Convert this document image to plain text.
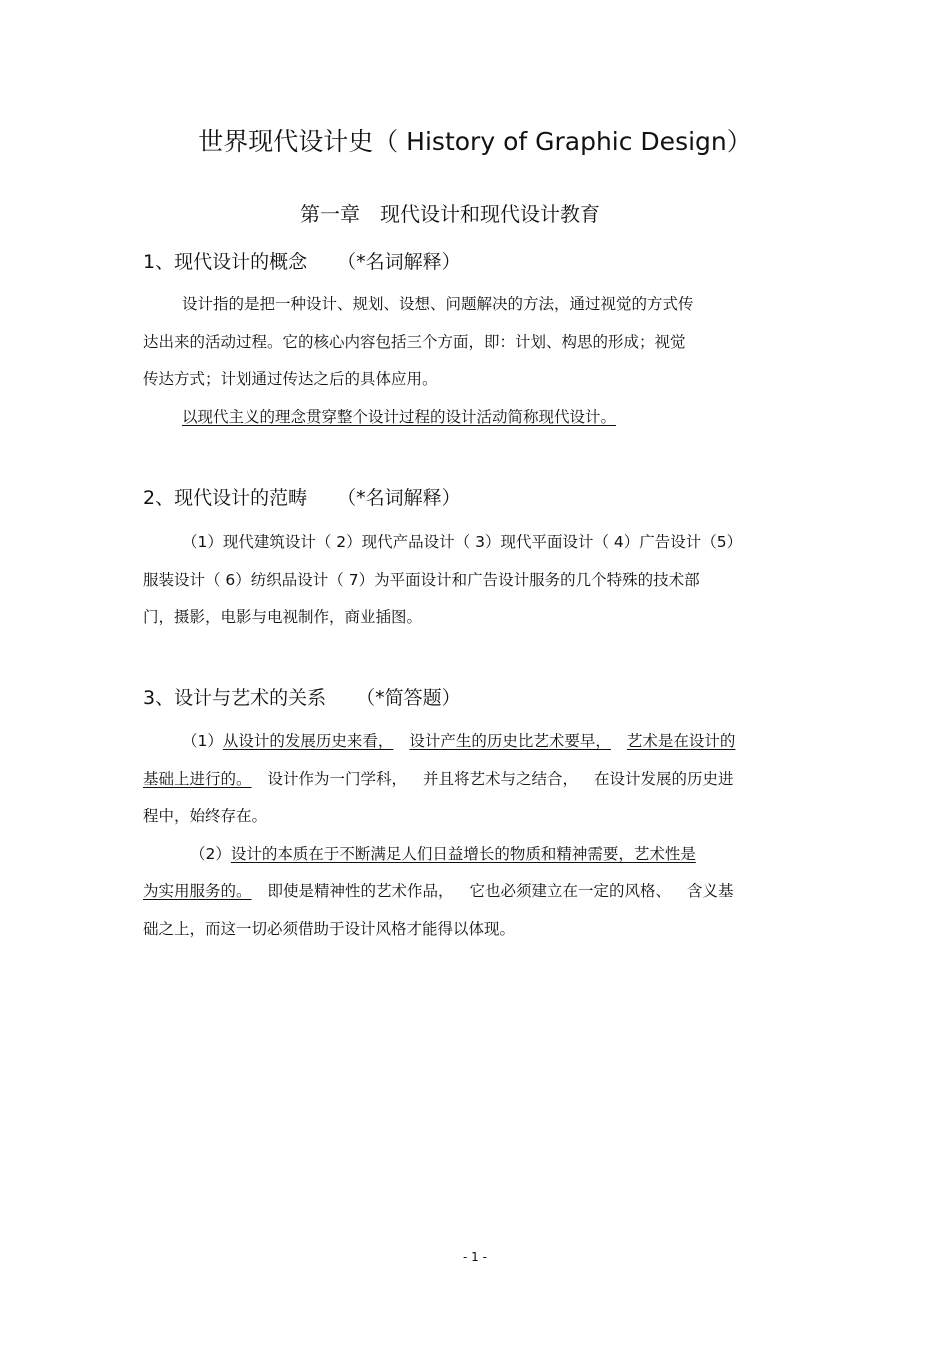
世界现代设计史（ History of Graphic Design）
第一章　现代设计和现代设计教育
1、现代设计的概念 （*名词解释）
设计指的是把一种设计、规划、设想、问题解决的方法，通过视觉的方式传
达出来的活动过程。它的核心内容包括三个方面，即：计划、构思的形成；视觉
传达方式；计划通过传达之后的具体应用。
以现代主义的理念贯穿整个设计过程的设计活动简称现代设计。
2、现代设计的范畴 （*名词解释）
（1）现代建筑设计（ 2）现代产品设计（ 3）现代平面设计（ 4）广告设计（5）
服装设计（ 6）纺织品设计（ 7）为平面设计和广告设计服务的几个特殊的技术部
门，摄影，电影与电视制作，商业插图。
3、设计与艺术的关系 （*简答题）
（1）从设计的发展历史来看， 设计产生的历史比艺术要早， 艺术是在设计的
基础上进行的。 设计作为一门学科， 并且将艺术与之结合， 在设计发展的历史进
程中，始终存在。
（2）设计的本质在于不断满足人们日益增长的物质和精神需要，艺术性是
为实用服务的。 即使是精神性的艺术作品， 它也必须建立在一定的风格、 含义基
础之上，而这一切必须借助于设计风格才能得以体现。
- 1 -
